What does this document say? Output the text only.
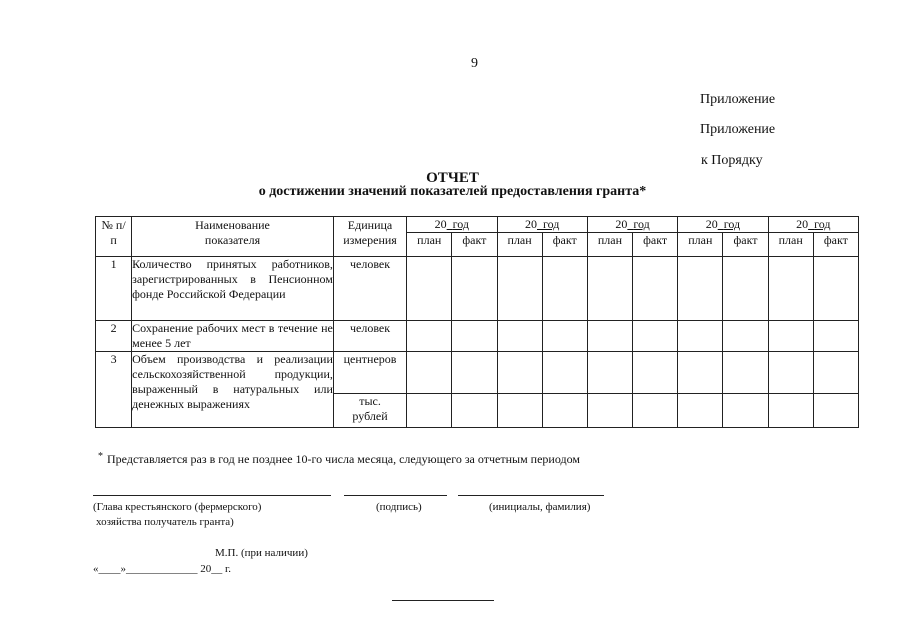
9
Приложение
Приложение
к Порядку
ОТЧЕТ
о достижении значений показателей предоставления гранта*
№ п/п	Наименование показателя	Единица измерения	20 год		20 год		20 год		20 год		20 год	
			план	факт	план	факт	план	факт	план	факт	план	факт
1	Количество принятых работников, зарегистрированных в Пенсионном фонде Российской Федерации	человек										
2	Сохранение рабочих мест в течение не менее 5 лет	человек										
3	Объем производства и реализации сельскохозяйственной продукции, выраженный в натуральных или денежных выражениях	центнеров										
		тыс. рублей										
* Представляется раз в год не позднее 10-го числа месяца, следующего за отчетным периодом
(Глава крестьянского (фермерского)	(подпись)	(инициалы, фамилия)
хозяйства получатель гранта)
М.П. (при наличии)
«____»_____________ 20__ г.
